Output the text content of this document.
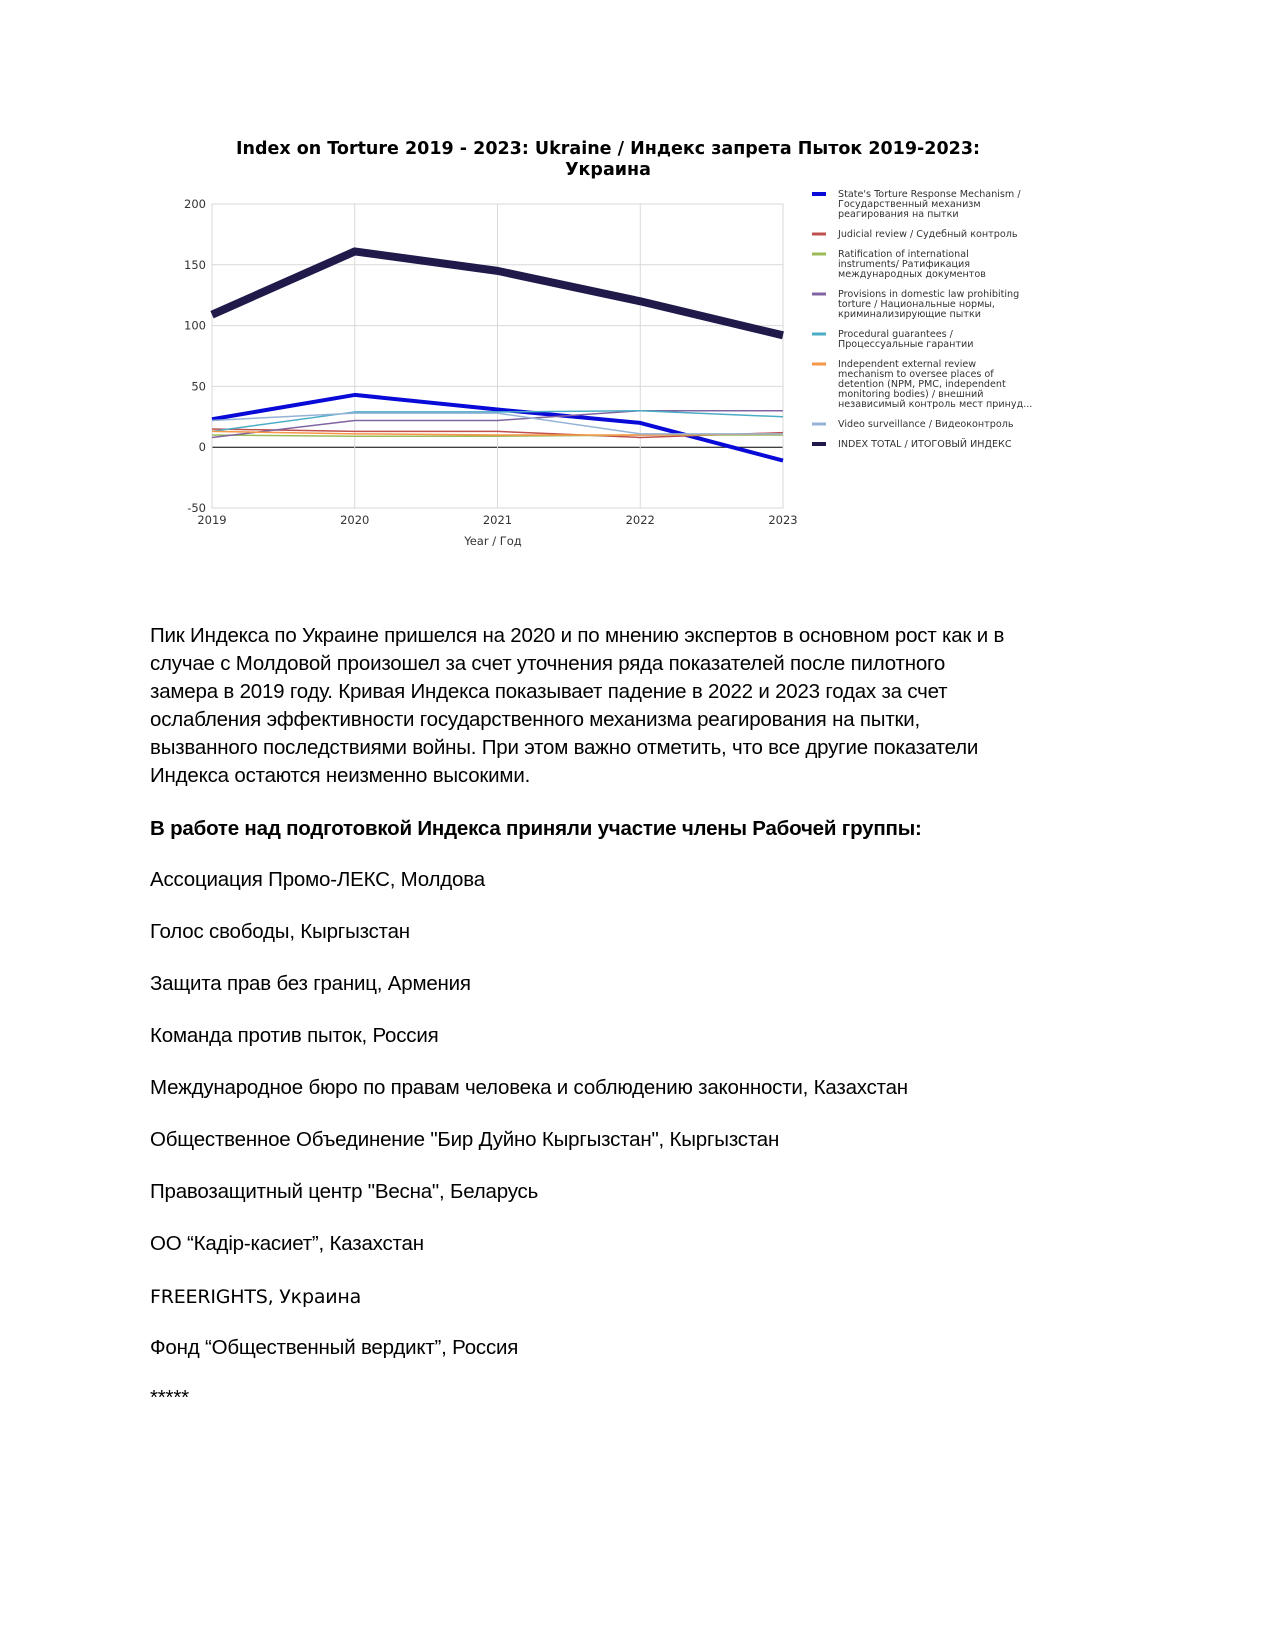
Index on Torture 2019 - 2023: Ukraine / Индекс запрета Пыток 2019-2023:
Украина
-50
0
50
100
150
200
2019	2020	2021	2022	2023
State's Torture Response Mechanism /
Государственный механизм
реагирования на пытки
Judicial review / Судебный контроль
Ratification of international
instruments/ Ратификация
международных документов
Provisions in domestic law prohibiting
torture / Национальные нормы,
криминализирующие пытки
Procedural guarantees /
Процессуальные гарантии
Independent external review
mechanism to oversee places of
detention (NPM, PMC, independent
monitoring bodies) / внешний
независимый контроль мест принуд...
Video surveillance / Видеоконтроль
INDEX TOTAL / ИТОГОВЫЙ ИНДЕКС
Year / Год
Пик Индекса по Украине пришелся на 2020 и по мнению экспертов в основном рост как и в
случае с Молдовой произошел за счет уточнения ряда показателей после пилотного
замера в 2019 году. Кривая Индекса показывает падение в 2022 и 2023 годах за счет
ослабления эффективности государственного механизма реагирования на пытки,
вызванного последствиями войны. При этом важно отметить, что все другие показатели
Индекса остаются неизменно высокими.
В работе над подготовкой Индекса приняли участие члены Рабочей группы:
Ассоциация Промо-ЛЕКС, Молдова
Голос свободы, Кыргызстан
Защита прав без границ, Армения
Команда против пыток, Россия
Международное бюро по правам человека и соблюдению законности, Казахстан
Общественное Объединение "Бир Дуйно Кыргызстан", Кыргызстан
Правозащитный центр "Весна", Беларусь
ОО “Кадір-касиет”, Казахстан
FREERIGHTS, Украина
Фонд “Общественный вердикт”, Россия
*****
